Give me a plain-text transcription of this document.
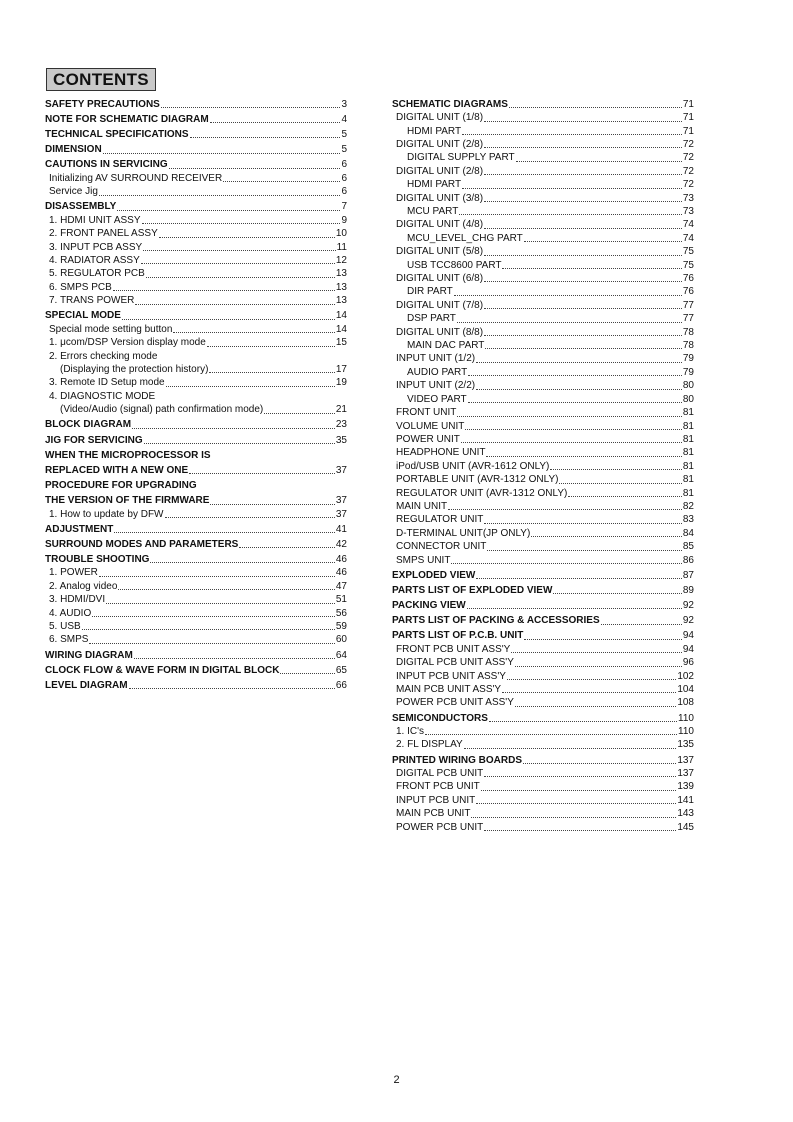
CONTENTS
SAFETY PRECAUTIONS	3
NOTE FOR SCHEMATIC DIAGRAM	4
TECHNICAL SPECIFICATIONS	5
DIMENSION	5
CAUTIONS IN SERVICING	6
Initializing AV SURROUND RECEIVER	6
Service Jig	6
DISASSEMBLY	7
1. HDMI UNIT ASSY	9
2. FRONT PANEL ASSY	10
3. INPUT PCB ASSY	11
4. RADIATOR ASSY	12
5. REGULATOR PCB	13
6. SMPS PCB	13
7. TRANS POWER	13
SPECIAL MODE	14
Special mode setting button	14
1. μcom/DSP Version display mode	15
2. Errors checking mode
(Displaying the protection history)	17
3. Remote ID Setup mode	19
4. DIAGNOSTIC MODE
(Video/Audio (signal) path confirmation mode)	21
BLOCK DIAGRAM	23
JIG FOR SERVICING	35
WHEN THE MICROPROCESSOR IS
REPLACED WITH A NEW ONE	37
PROCEDURE FOR UPGRADING
THE VERSION OF THE FIRMWARE	37
1. How to update by DFW	37
ADJUSTMENT	41
SURROUND MODES AND PARAMETERS	42
TROUBLE SHOOTING	46
1. POWER	46
2. Analog video	47
3. HDMI/DVI	51
4. AUDIO	56
5. USB	59
6. SMPS	60
WIRING DIAGRAM	64
CLOCK FLOW & WAVE FORM IN DIGITAL BLOCK	65
LEVEL DIAGRAM	66
SCHEMATIC DIAGRAMS	71
DIGITAL UNIT (1/8)	71
HDMI PART	71
DIGITAL UNIT (2/8)	72
DIGITAL SUPPLY PART	72
DIGITAL UNIT (2/8)	72
HDMI PART	72
DIGITAL UNIT (3/8)	73
MCU PART	73
DIGITAL UNIT (4/8)	74
MCU_LEVEL_CHG PART	74
DIGITAL UNIT (5/8)	75
USB TCC8600 PART	75
DIGITAL UNIT (6/8)	76
DIR PART	76
DIGITAL UNIT (7/8)	77
DSP PART	77
DIGITAL UNIT (8/8)	78
MAIN DAC PART	78
INPUT UNIT (1/2)	79
AUDIO PART	79
INPUT UNIT (2/2)	80
VIDEO PART	80
FRONT UNIT	81
VOLUME UNIT	81
POWER UNIT	81
HEADPHONE UNIT	81
iPod/USB UNIT (AVR-1612 ONLY)	81
PORTABLE UNIT (AVR-1312 ONLY)	81
REGULATOR UNIT (AVR-1312 ONLY)	81
MAIN UNIT	82
REGULATOR UNIT	83
D-TERMINAL UNIT(JP ONLY)	84
CONNECTOR UNIT	85
SMPS UNIT	86
EXPLODED VIEW	87
PARTS LIST OF EXPLODED VIEW	89
PACKING VIEW	92
PARTS LIST OF PACKING & ACCESSORIES	92
PARTS LIST OF P.C.B. UNIT	94
FRONT PCB UNIT ASS'Y	94
DIGITAL PCB UNIT ASS'Y	96
INPUT PCB UNIT ASS'Y	102
MAIN PCB UNIT ASS'Y	104
POWER PCB UNIT ASS'Y	108
SEMICONDUCTORS	110
1. IC's	110
2. FL DISPLAY	135
PRINTED WIRING BOARDS	137
DIGITAL PCB UNIT	137
FRONT PCB UNIT	139
INPUT PCB UNIT	141
MAIN PCB UNIT	143
POWER PCB UNIT	145
2
